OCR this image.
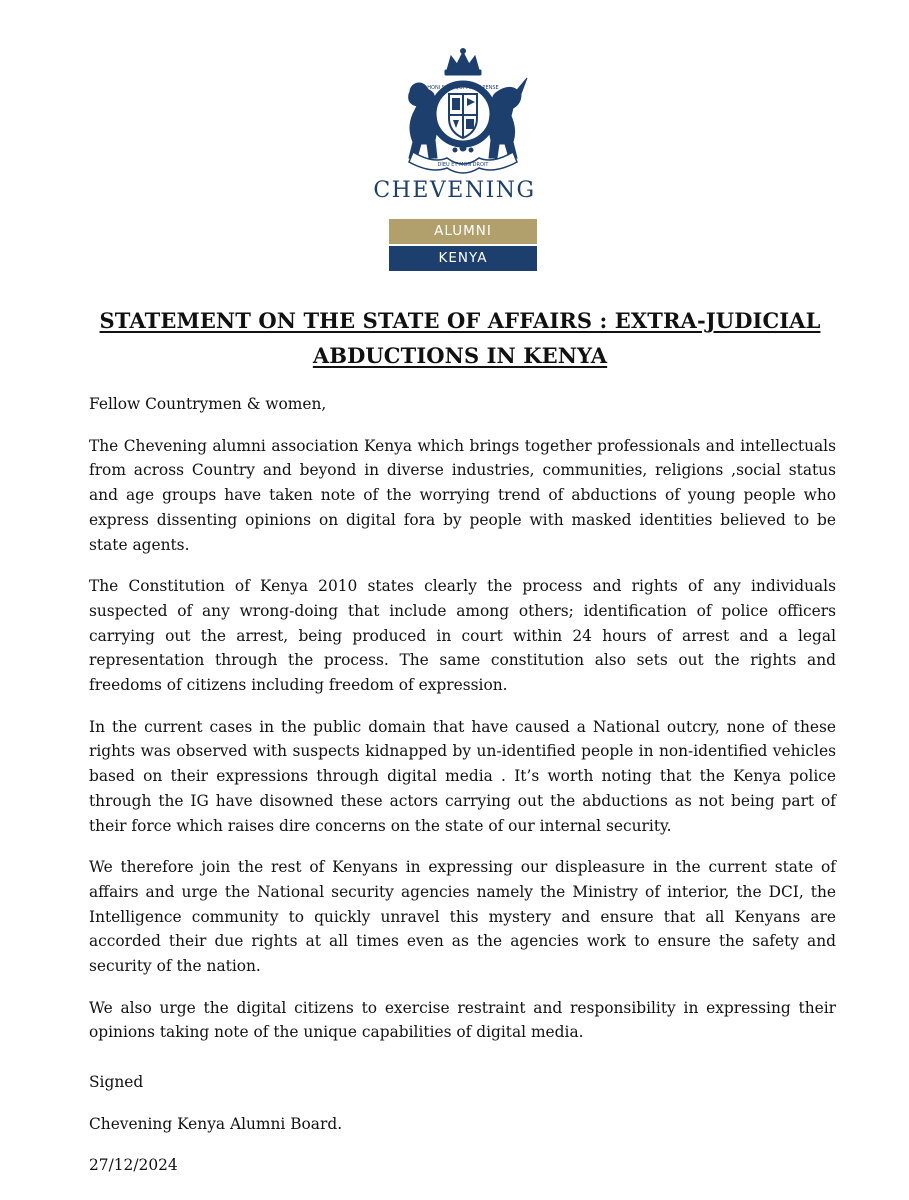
HONI SOIT QUI MAL Y PENSE
DIEU ET MON DROIT
CHEVENING
ALUMNI
KENYA
STATEMENT ON THE STATE OF AFFAIRS : EXTRA-JUDICIAL ABDUCTIONS IN KENYA

Fellow Countrymen & women,

The Chevening alumni association Kenya which brings together professionals and intellectuals from across Country and beyond in diverse industries, communities, religions ,social status and age groups have taken note of the worrying trend of abductions of young people who express dissenting opinions on digital fora by people with masked identities believed to be state agents.

The Constitution of Kenya 2010 states clearly the process and rights of any individuals suspected of any wrong-doing that include among others; identification of police officers carrying out the arrest, being produced in court within 24 hours of arrest and a legal representation through the process. The same constitution also sets out the rights and freedoms of citizens including freedom of expression.

In the current cases in the public domain that have caused a National outcry, none of these rights was observed with suspects kidnapped by un-identified people in non-identified vehicles based on their expressions through digital media . It’s worth noting that the Kenya police through the IG have disowned these actors carrying out the abductions as not being part of their force which raises dire concerns on the state of our internal security.

We therefore join the rest of Kenyans in expressing our displeasure in the current state of affairs and urge the National security agencies namely the Ministry of interior, the DCI, the Intelligence community to quickly unravel this mystery and ensure that all Kenyans are accorded their due rights at all times even as the agencies work to ensure the safety and security of the nation.

We also urge the digital citizens to exercise restraint and responsibility in expressing their opinions taking note of the unique capabilities of digital media.

Signed
Chevening Kenya Alumni Board.
27/12/2024
